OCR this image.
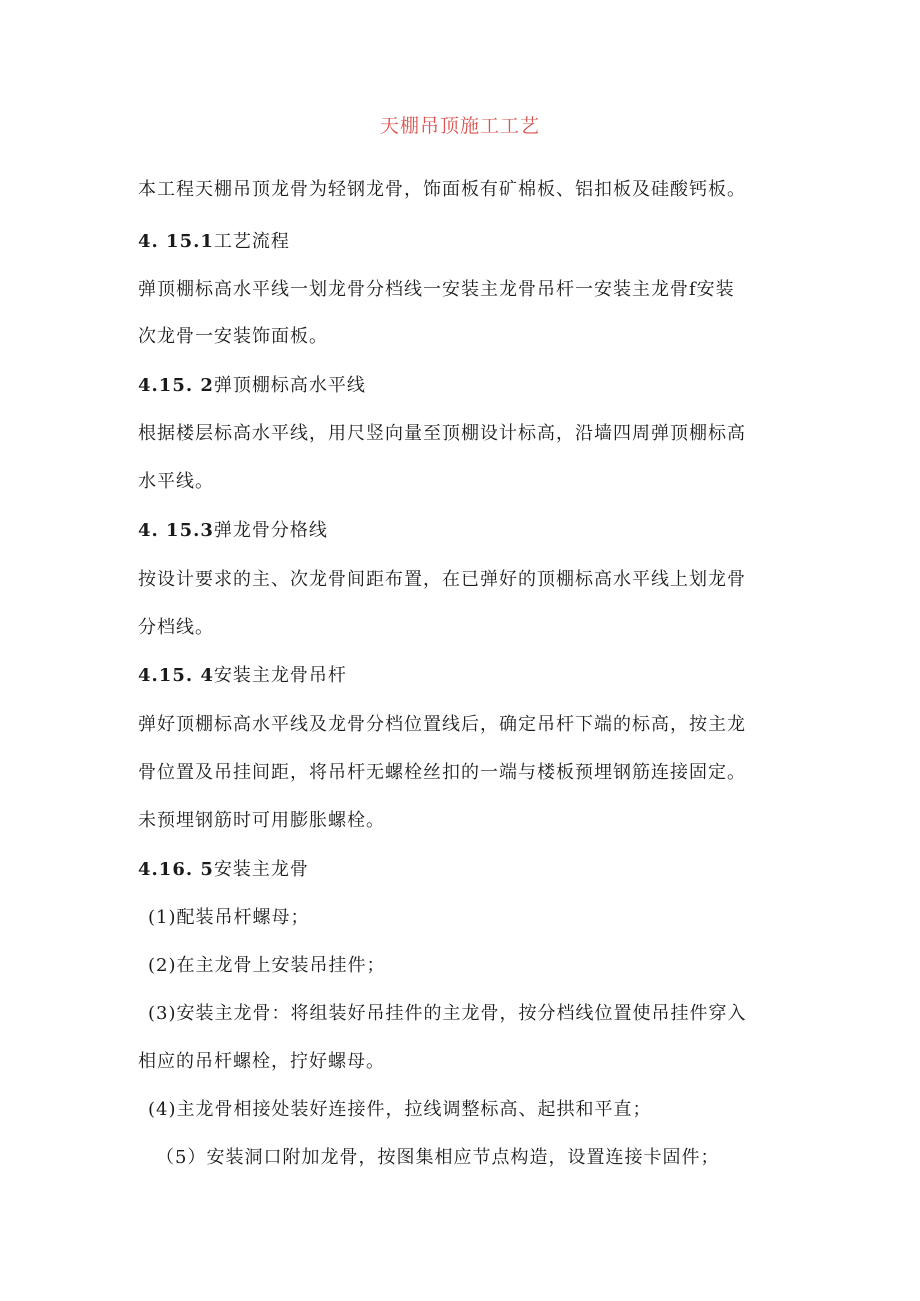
天棚吊顶施工工艺

本工程天棚吊顶龙骨为轻钢龙骨，饰面板有矿棉板、铝扣板及硅酸钙板。

4. 15.1工艺流程

弹顶棚标高水平线一划龙骨分档线一安装主龙骨吊杆一安装主龙骨f安装

次龙骨一安装饰面板。

4.15. 2弹顶棚标高水平线

根据楼层标高水平线，用尺竖向量至顶棚设计标高，沿墙四周弹顶棚标高

水平线。

4. 15.3弹龙骨分格线

按设计要求的主、次龙骨间距布置，在已弹好的顶棚标高水平线上划龙骨

分档线。

4.15. 4安装主龙骨吊杆

弹好顶棚标高水平线及龙骨分档位置线后，确定吊杆下端的标高，按主龙

骨位置及吊挂间距，将吊杆无螺栓丝扣的一端与楼板预埋钢筋连接固定。

未预埋钢筋时可用膨胀螺栓。

4.16. 5安装主龙骨

(1)配装吊杆螺母；

(2)在主龙骨上安装吊挂件；

(3)安装主龙骨：将组装好吊挂件的主龙骨，按分档线位置使吊挂件穿入

相应的吊杆螺栓，拧好螺母。

(4)主龙骨相接处装好连接件，拉线调整标高、起拱和平直；

（5）安装洞口附加龙骨，按图集相应节点构造，设置连接卡固件；
